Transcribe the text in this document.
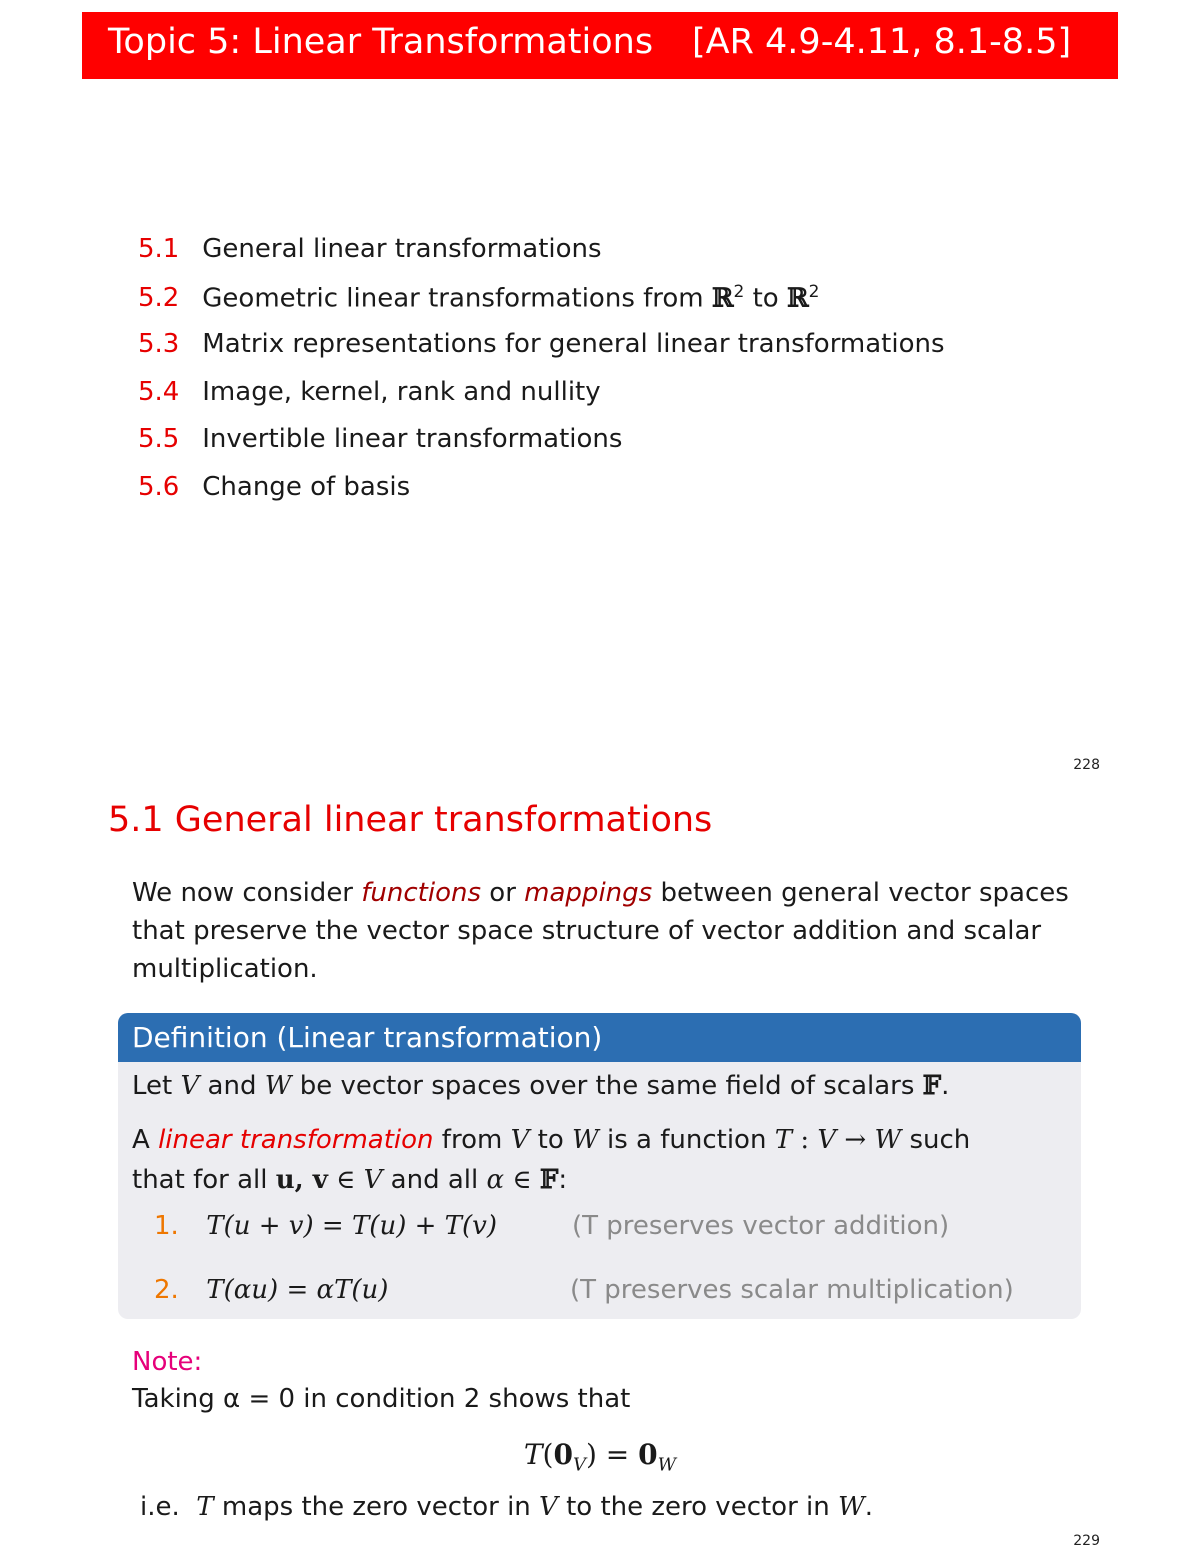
Topic 5: Linear Transformations [AR 4.9-4.11, 8.1-8.5]
5.1 General linear transformations
5.2 Geometric linear transformations from ℝ$^2$ to ℝ$^2$
5.3 Matrix representations for general linear transformations
5.4 Image, kernel, rank and nullity
5.5 Invertible linear transformations
5.6 Change of basis
228
5.1 General linear transformations

We now consider functions or mappings between general vector spaces that preserve the vector space structure of vector addition and scalar multiplication.

Definition (Linear transformation)
Let V and W be vector spaces over the same field of scalars 𝔽.
A linear transformation from V to W is a function T : V → W such
that for all u, v ∈ V and all α ∈ 𝔽:
1. T(u + v) = T(u) + T(v)	(T preserves vector addition)
2. T(αu) = αT(u)	(T preserves scalar multiplication)
Note:
Taking α = 0 in condition 2 shows that
$T(0_V) = 0_W$
i.e.  T maps the zero vector in V to the zero vector in W.
229
